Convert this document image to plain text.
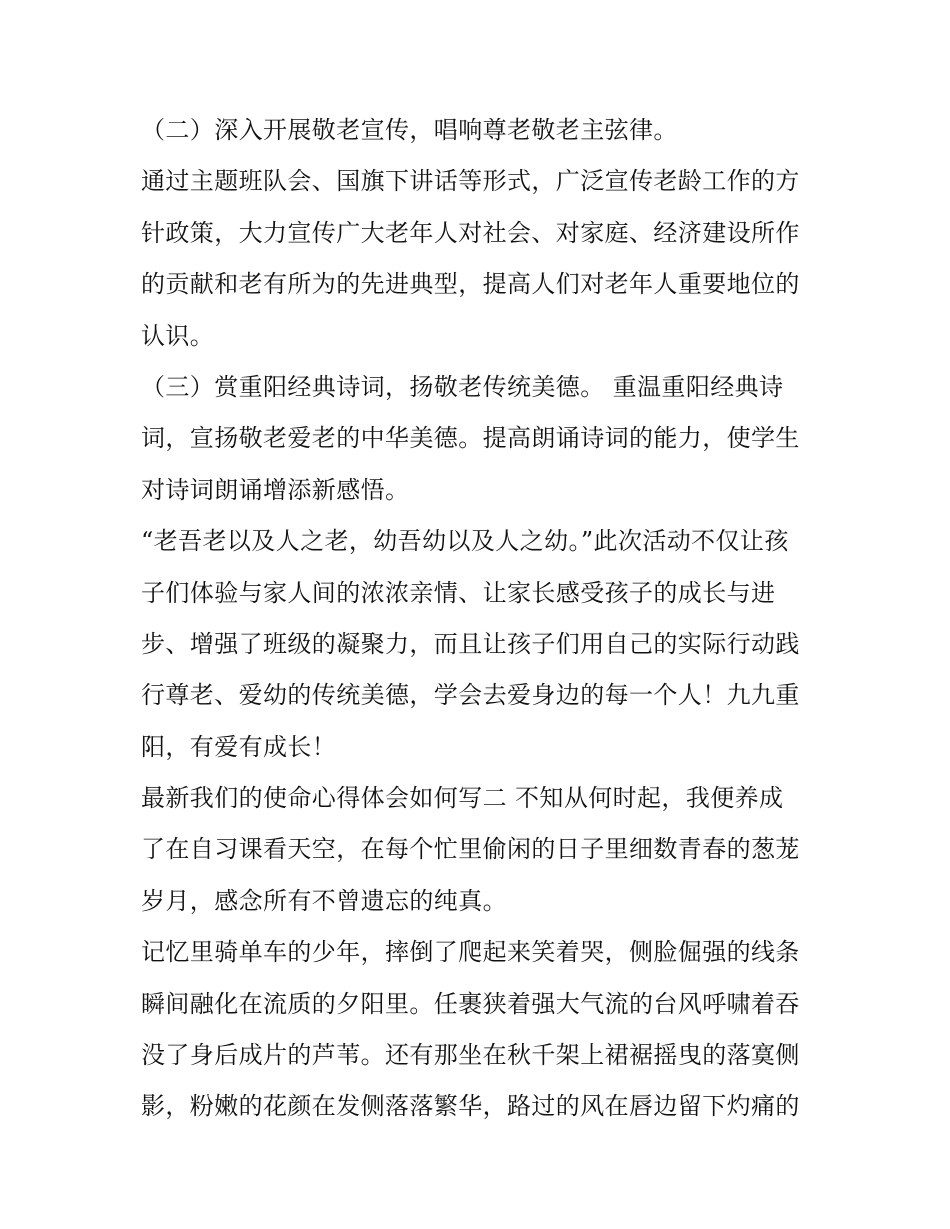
（二）深入开展敬老宣传，唱响尊老敬老主弦律。
通过主题班队会、国旗下讲话等形式，广泛宣传老龄工作的方
针政策，大力宣传广大老年人对社会、对家庭、经济建设所作
的贡献和老有所为的先进典型，提高人们对老年人重要地位的
认识。
（三）赏重阳经典诗词，扬敬老传统美德。 重温重阳经典诗
词，宣扬敬老爱老的中华美德。提高朗诵诗词的能力，使学生
对诗词朗诵增添新感悟。
“老吾老以及人之老，幼吾幼以及人之幼。”此次活动不仅让孩
子们体验与家人间的浓浓亲情、让家长感受孩子的成长与进
步、增强了班级的凝聚力，而且让孩子们用自己的实际行动践
行尊老、爱幼的传统美德，学会去爱身边的每一个人！九九重
阳，有爱有成长！
最新我们的使命心得体会如何写二 不知从何时起，我便养成
了在自习课看天空，在每个忙里偷闲的日子里细数青春的葱茏
岁月，感念所有不曾遗忘的纯真。
记忆里骑单车的少年，摔倒了爬起来笑着哭，侧脸倔强的线条
瞬间融化在流质的夕阳里。任裹狭着强大气流的台风呼啸着吞
没了身后成片的芦苇。还有那坐在秋千架上裙裾摇曳的落寞侧
影，粉嫩的花颜在发侧落落繁华，路过的风在唇边留下灼痛的
